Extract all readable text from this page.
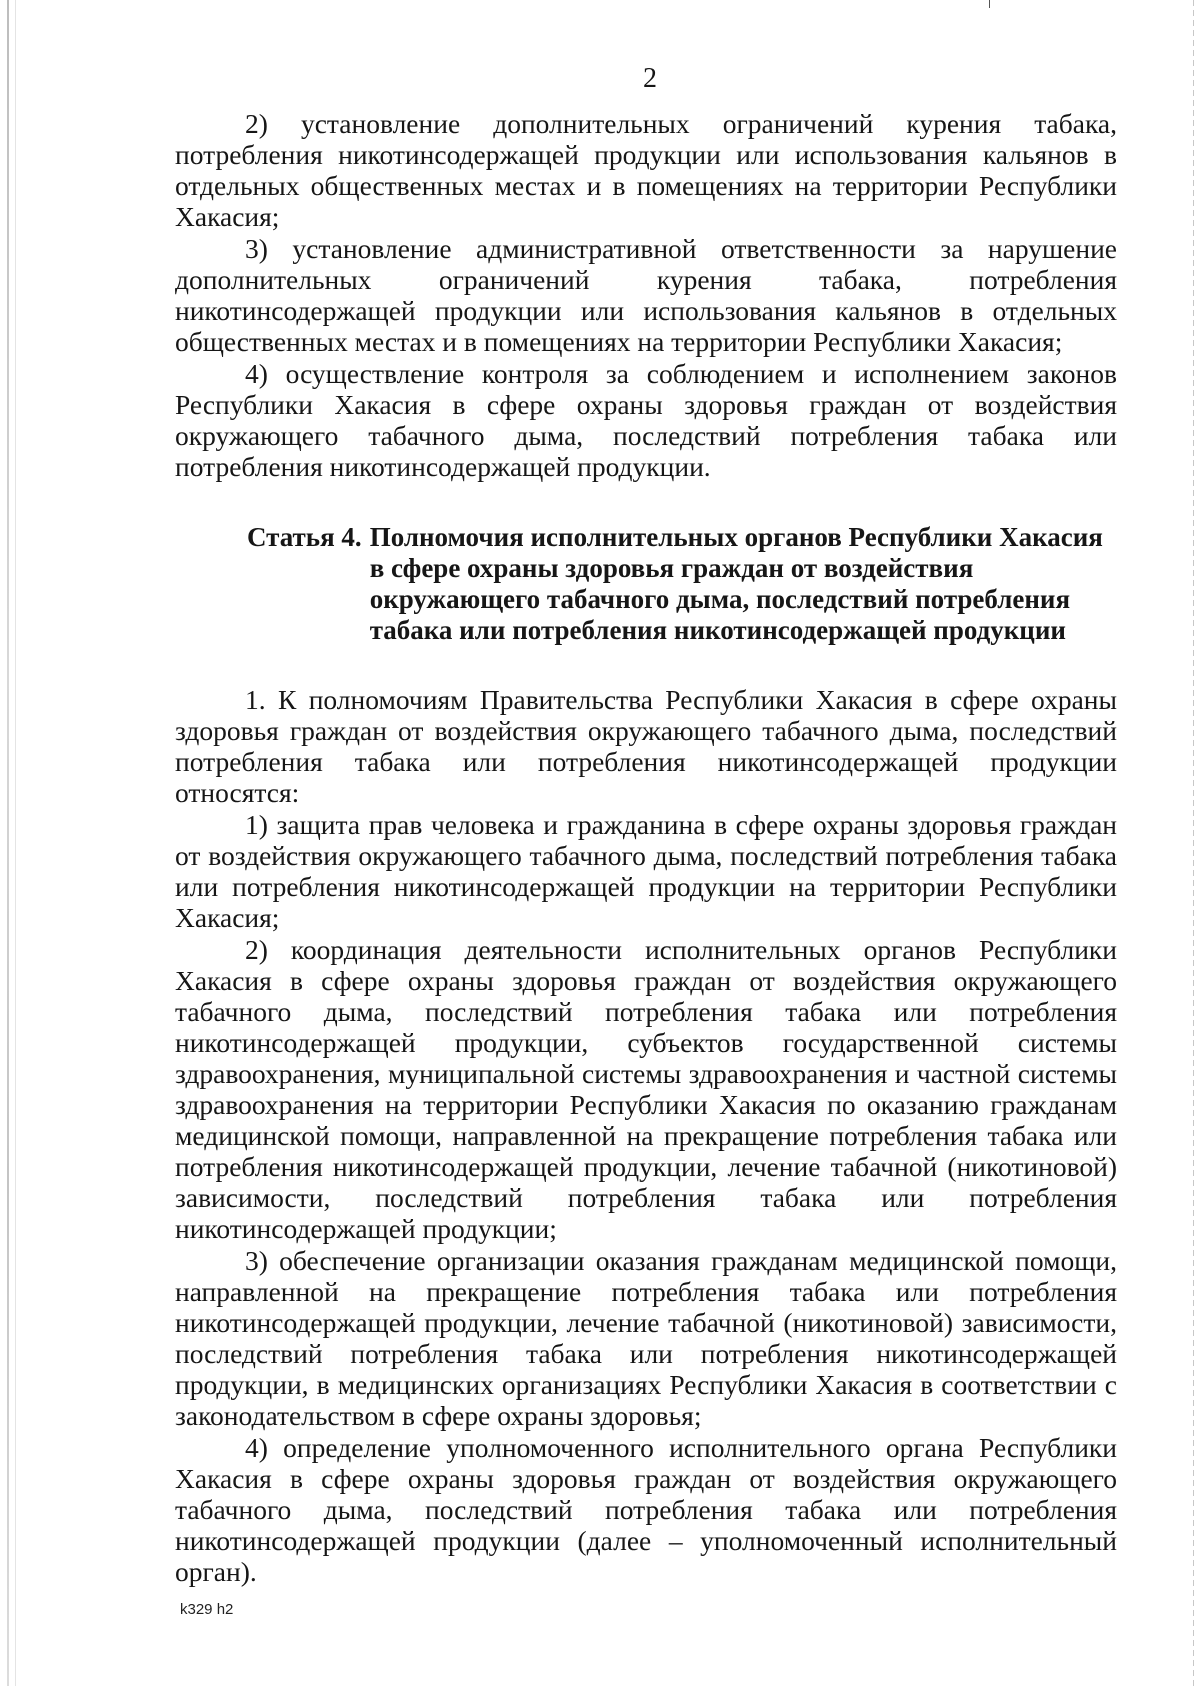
2

2) установление дополнительных ограничений курения табака, потребления никотинсодержащей продукции или использования кальянов в отдельных общественных местах и в помещениях на территории Республики Хакасия;

3) установление административной ответственности за нарушение дополнительных ограничений курения табака, потребления никотинсодержащей продукции или использования кальянов в отдельных общественных местах и в помещениях на территории Республики Хакасия;

4) осуществление контроля за соблюдением и исполнением законов Республики Хакасия в сфере охраны здоровья граждан от воздействия окружающего табачного дыма, последствий потребления табака или потребления никотинсодержащей продукции.

Статья 4. Полномочия исполнительных органов Республики Хакасия в сфере охраны здоровья граждан от воздействия окружающего табачного дыма, последствий потребления табака или потребления никотинсодержащей продукции

1. К полномочиям Правительства Республики Хакасия в сфере охраны здоровья граждан от воздействия окружающего табачного дыма, последствий потребления табака или потребления никотинсодержащей продукции относятся:

1) защита прав человека и гражданина в сфере охраны здоровья граждан от воздействия окружающего табачного дыма, последствий потребления табака или потребления никотинсодержащей продукции на территории Республики Хакасия;

2) координация деятельности исполнительных органов Республики Хакасия в сфере охраны здоровья граждан от воздействия окружающего табачного дыма, последствий потребления табака или потребления никотинсодержащей продукции, субъектов государственной системы здравоохранения, муниципальной системы здравоохранения и частной системы здравоохранения на территории Республики Хакасия по оказанию гражданам медицинской помощи, направленной на прекращение потребления табака или потребления никотинсодержащей продукции, лечение табачной (никотиновой) зависимости, последствий потребления табака или потребления никотинсодержащей продукции;

3) обеспечение организации оказания гражданам медицинской помощи, направленной на прекращение потребления табака или потребления никотинсодержащей продукции, лечение табачной (никотиновой) зависимости, последствий потребления табака или потребления никотинсодержащей продукции, в медицинских организациях Республики Хакасия в соответствии с законодательством в сфере охраны здоровья;

4) определение уполномоченного исполнительного органа Республики Хакасия в сфере охраны здоровья граждан от воздействия окружающего табачного дыма, последствий потребления табака или потребления никотинсодержащей продукции (далее – уполномоченный исполнительный орган).

k329 h2
